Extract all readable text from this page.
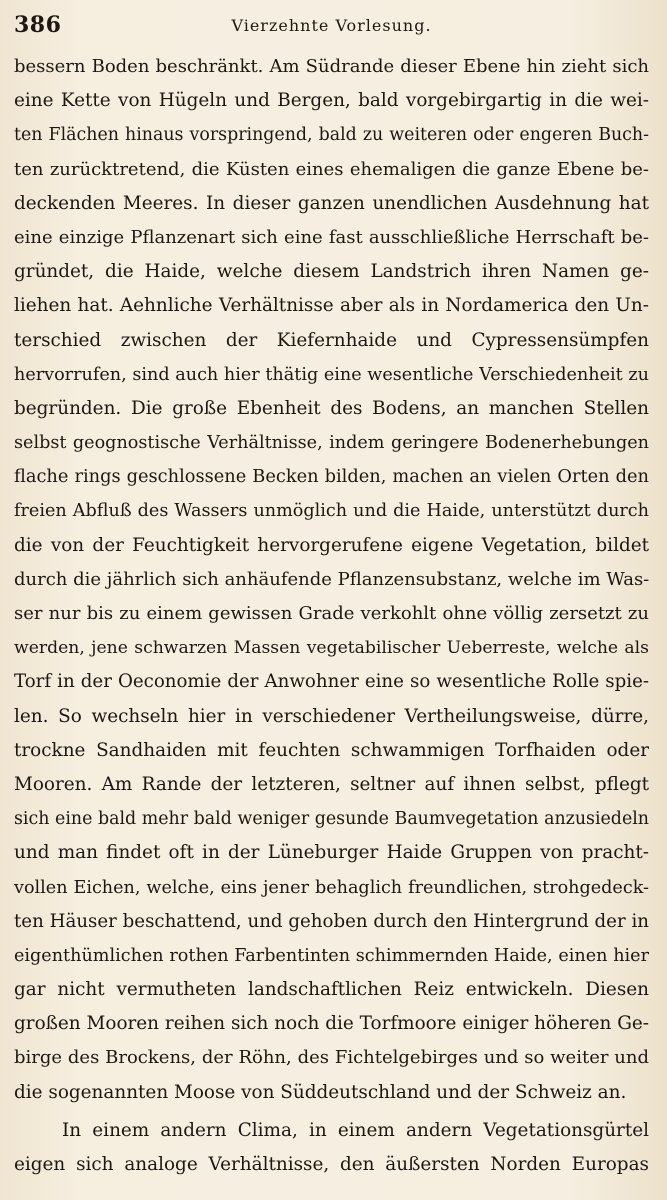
386	Vierzehnte Vorlesung.
bessern Boden beschränkt. Am Südrande dieser Ebene hin zieht sich
eine Kette von Hügeln und Bergen, bald vorgebirgartig in die wei-
ten Flächen hinaus vorspringend, bald zu weiteren oder engeren Buch-
ten zurücktretend, die Küsten eines ehemaligen die ganze Ebene be-
deckenden Meeres. In dieser ganzen unendlichen Ausdehnung hat
eine einzige Pflanzenart sich eine fast ausschließliche Herrschaft be-
gründet, die Haide, welche diesem Landstrich ihren Namen ge-
liehen hat. Aehnliche Verhältnisse aber als in Nordamerica den Un-
terschied zwischen der Kiefernhaide und Cypressensümpfen
hervorrufen, sind auch hier thätig eine wesentliche Verschiedenheit zu
begründen. Die große Ebenheit des Bodens, an manchen Stellen
selbst geognostische Verhältnisse, indem geringere Bodenerhebungen
flache rings geschlossene Becken bilden, machen an vielen Orten den
freien Abfluß des Wassers unmöglich und die Haide, unterstützt durch
die von der Feuchtigkeit hervorgerufene eigene Vegetation, bildet
durch die jährlich sich anhäufende Pflanzensubstanz, welche im Was-
ser nur bis zu einem gewissen Grade verkohlt ohne völlig zersetzt zu
werden, jene schwarzen Massen vegetabilischer Ueberreste, welche als
Torf in der Oeconomie der Anwohner eine so wesentliche Rolle spie-
len. So wechseln hier in verschiedener Vertheilungsweise, dürre,
trockne Sandhaiden mit feuchten schwammigen Torfhaiden oder
Mooren. Am Rande der letzteren, seltner auf ihnen selbst, pflegt
sich eine bald mehr bald weniger gesunde Baumvegetation anzusiedeln
und man findet oft in der Lüneburger Haide Gruppen von pracht-
vollen Eichen, welche, eins jener behaglich freundlichen, strohgedeck-
ten Häuser beschattend, und gehoben durch den Hintergrund der in
eigenthümlichen rothen Farbentinten schimmernden Haide, einen hier
gar nicht vermutheten landschaftlichen Reiz entwickeln. Diesen
großen Mooren reihen sich noch die Torfmoore einiger höheren Ge-
birge des Brockens, der Röhn, des Fichtelgebirges und so weiter und
die sogenannten Moose von Süddeutschland und der Schweiz an.
In einem andern Clima, in einem andern Vegetationsgürtel
eigen sich analoge Verhältnisse, den äußersten Norden Europas
